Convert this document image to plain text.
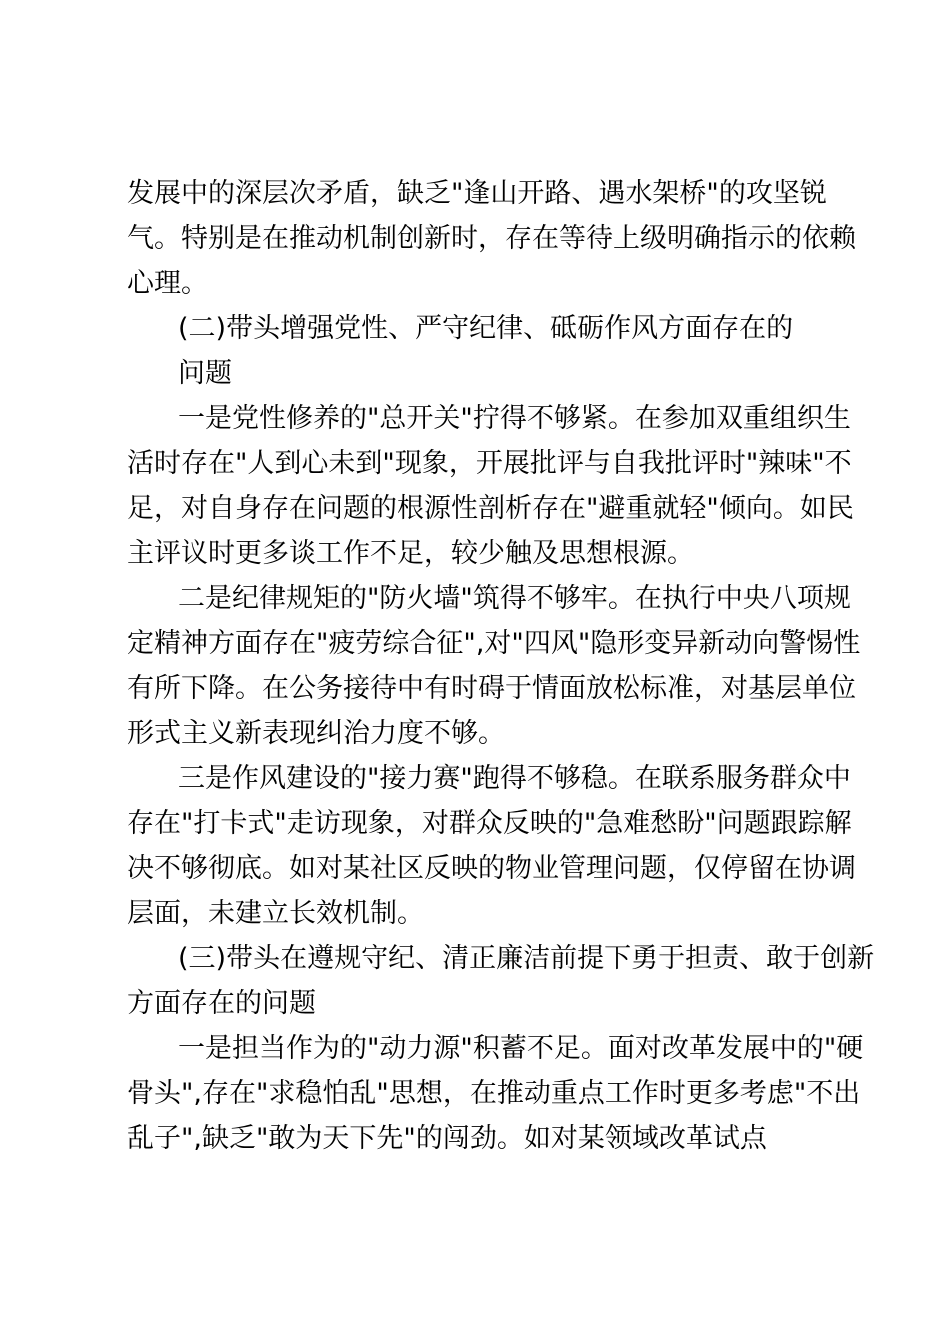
发展中的深层次矛盾，缺乏"逢山开路、遇水架桥"的攻坚锐
气。特别是在推动机制创新时，存在等待上级明确指示的依赖
心理。
(二)带头增强党性、严守纪律、砥砺作风方面存在的
问题
一是党性修养的"总开关"拧得不够紧。在参加双重组织生
活时存在"人到心未到"现象，开展批评与自我批评时"辣味"不
足，对自身存在问题的根源性剖析存在"避重就轻"倾向。如民
主评议时更多谈工作不足，较少触及思想根源。
二是纪律规矩的"防火墙"筑得不够牢。在执行中央八项规
定精神方面存在"疲劳综合征",对"四风"隐形变异新动向警惕性
有所下降。在公务接待中有时碍于情面放松标准，对基层单位
形式主义新表现纠治力度不够。
三是作风建设的"接力赛"跑得不够稳。在联系服务群众中
存在"打卡式"走访现象，对群众反映的"急难愁盼"问题跟踪解
决不够彻底。如对某社区反映的物业管理问题，仅停留在协调
层面，未建立长效机制。
(三)带头在遵规守纪、清正廉洁前提下勇于担责、敢于创新
方面存在的问题
一是担当作为的"动力源"积蓄不足。面对改革发展中的"硬
骨头",存在"求稳怕乱"思想，在推动重点工作时更多考虑"不出
乱子",缺乏"敢为天下先"的闯劲。如对某领域改革试点
